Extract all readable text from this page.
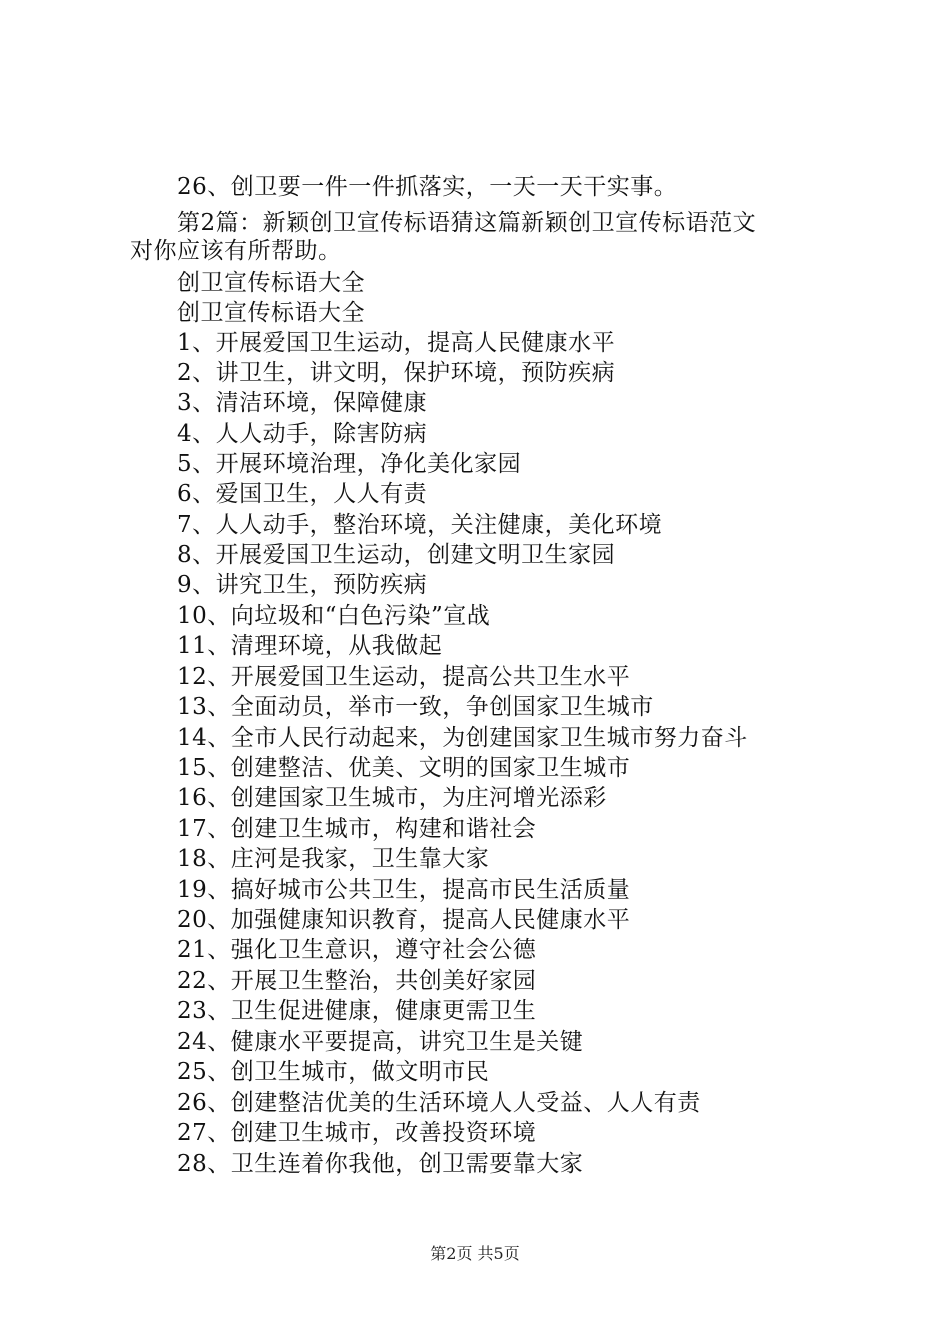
26、创卫要一件一件抓落实，一天一天干实事。
第2篇：新颖创卫宣传标语猜这篇新颖创卫宣传标语范文
对你应该有所帮助。
创卫宣传标语大全
创卫宣传标语大全
1、开展爱国卫生运动，提高人民健康水平
2、讲卫生，讲文明，保护环境，预防疾病
3、清洁环境，保障健康
4、人人动手，除害防病
5、开展环境治理，净化美化家园
6、爱国卫生，人人有责
7、人人动手，整治环境，关注健康，美化环境
8、开展爱国卫生运动，创建文明卫生家园
9、讲究卫生，预防疾病
10、向垃圾和“白色污染”宣战
11、清理环境，从我做起
12、开展爱国卫生运动，提高公共卫生水平
13、全面动员，举市一致，争创国家卫生城市
14、全市人民行动起来，为创建国家卫生城市努力奋斗
15、创建整洁、优美、文明的国家卫生城市
16、创建国家卫生城市，为庄河增光添彩
17、创建卫生城市，构建和谐社会
18、庄河是我家，卫生靠大家
19、搞好城市公共卫生，提高市民生活质量
20、加强健康知识教育，提高人民健康水平
21、强化卫生意识，遵守社会公德
22、开展卫生整治，共创美好家园
23、卫生促进健康，健康更需卫生
24、健康水平要提高，讲究卫生是关键
25、创卫生城市，做文明市民
26、创建整洁优美的生活环境人人受益、人人有责
27、创建卫生城市，改善投资环境
28、卫生连着你我他，创卫需要靠大家
第2页 共5页
